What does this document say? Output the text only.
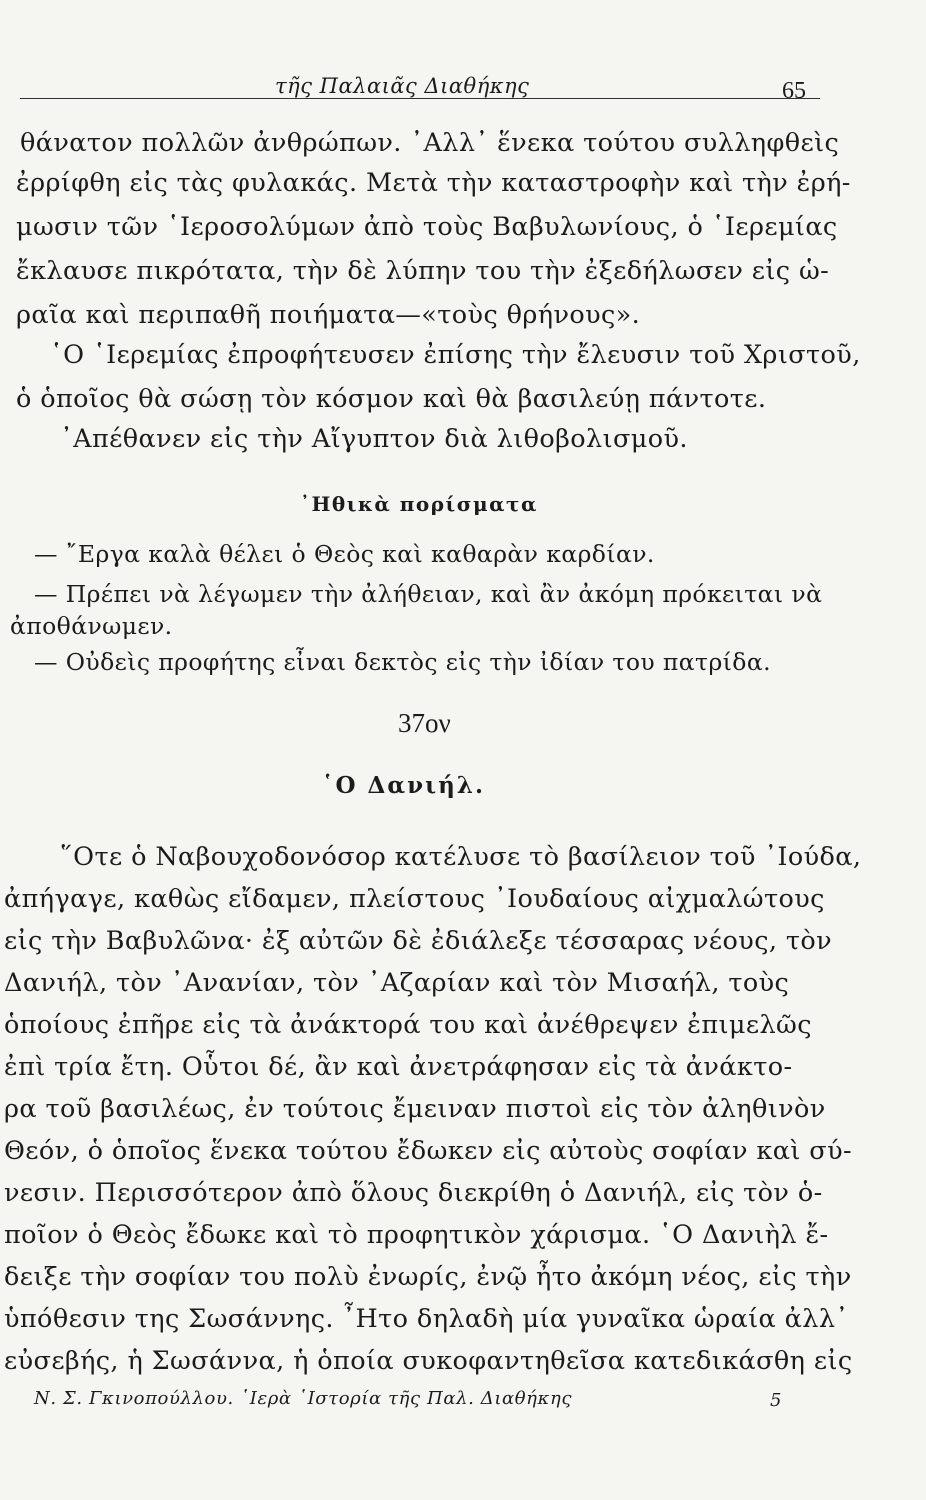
τῆς Παλαιᾶς Διαθήκης	65
θάνατον πολλῶν ἀνθρώπων. ᾿Αλλ᾿ ἕνεκα τούτου συλληφθεὶς
ἐρρίφθη εἰς τὰς φυλακάς. Μετὰ τὴν καταστροφὴν καὶ τὴν ἐρή-
μωσιν τῶν ῾Ιεροσολύμων ἀπὸ τοὺς Βαβυλωνίους, ὁ ῾Ιερεμίας
ἔκλαυσε πικρότατα, τὴν δὲ λύπην του τὴν ἐξεδήλωσεν εἰς ὡ-
ραῖα καὶ περιπαθῆ ποιήματα—«τοὺς θρήνους».
῾Ο ῾Ιερεμίας ἐπροφήτευσεν ἐπίσης τὴν ἔλευσιν τοῦ Χριστοῦ,
ὁ ὁποῖος θὰ σώσῃ τὸν κόσμον καὶ θὰ βασιλεύῃ πάντοτε.
᾿Απέθανεν εἰς τὴν Αἴγυπτον διὰ λιθοβολισμοῦ.
᾿Ηθικὰ πορίσματα
— ῎Εργα καλὰ θέλει ὁ Θεὸς καὶ καθαρὰν καρδίαν.
— Πρέπει νὰ λέγωμεν τὴν ἀλήθειαν, καὶ ἂν ἀκόμη πρόκειται νὰ
ἀποθάνωμεν.
— Οὐδεὶς προφήτης εἶναι δεκτὸς εἰς τὴν ἰδίαν του πατρίδα.
37ον
῾Ο Δανιήλ.
῞Οτε ὁ Ναβουχοδονόσορ κατέλυσε τὸ βασίλειον τοῦ ᾿Ιούδα,
ἀπήγαγε, καθὼς εἴδαμεν, πλείστους ᾿Ιουδαίους αἰχμαλώτους
εἰς τὴν Βαβυλῶνα· ἐξ αὐτῶν δὲ ἐδιάλεξε τέσσαρας νέους, τὸν
Δανιήλ, τὸν ᾿Ανανίαν, τὸν ᾿Αζαρίαν καὶ τὸν Μισαήλ, τοὺς
ὁποίους ἐπῆρε εἰς τὰ ἀνάκτορά του καὶ ἀνέθρεψεν ἐπιμελῶς
ἐπὶ τρία ἔτη. Οὗτοι δέ, ἂν καὶ ἀνετράφησαν εἰς τὰ ἀνάκτο-
ρα τοῦ βασιλέως, ἐν τούτοις ἔμειναν πιστοὶ εἰς τὸν ἀληθινὸν
Θεόν, ὁ ὁποῖος ἕνεκα τούτου ἔδωκεν εἰς αὐτοὺς σοφίαν καὶ σύ-
νεσιν. Περισσότερον ἀπὸ ὅλους διεκρίθη ὁ Δανιήλ, εἰς τὸν ὁ-
ποῖον ὁ Θεὸς ἔδωκε καὶ τὸ προφητικὸν χάρισμα. ῾Ο Δανιὴλ ἔ-
δειξε τὴν σοφίαν του πολὺ ἐνωρίς, ἐνῷ ἦτο ἀκόμη νέος, εἰς τὴν
ὑπόθεσιν της Σωσάννης. ῏Ητο δηλαδὴ μία γυναῖκα ὡραία ἀλλ᾿
εὐσεβής, ἡ Σωσάννα, ἡ ὁποία συκοφαντηθεῖσα κατεδικάσθη εἰς
Ν. Σ. Γκινοπούλλου. ῾Ιερὰ ῾Ιστορία τῆς Παλ. Διαθήκης	5
